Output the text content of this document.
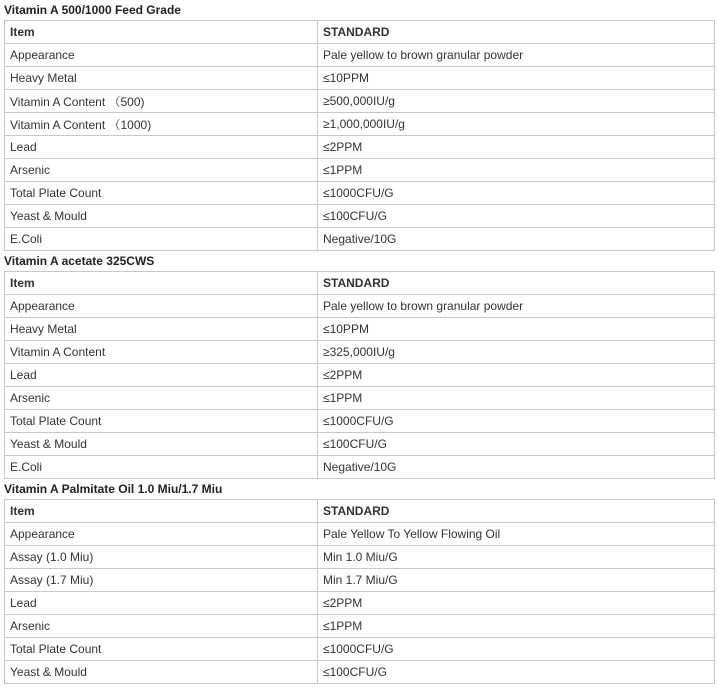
Vitamin A 500/1000 Feed Grade
Item	STANDARD
Appearance	Pale yellow to brown granular powder
Heavy Metal	≤10PPM
Vitamin A Content （500)	≥500,000IU/g
Vitamin A Content （1000)	≥1,000,000IU/g
Lead	≤2PPM
Arsenic	≤1PPM
Total Plate Count	≤1000CFU/G
Yeast & Mould	≤100CFU/G
E.Coli	Negative/10G
Vitamin A acetate 325CWS
Item	STANDARD
Appearance	Pale yellow to brown granular powder
Heavy Metal	≤10PPM
Vitamin A Content	≥325,000IU/g
Lead	≤2PPM
Arsenic	≤1PPM
Total Plate Count	≤1000CFU/G
Yeast & Mould	≤100CFU/G
E.Coli	Negative/10G
Vitamin A Palmitate Oil 1.0 Miu/1.7 Miu
Item	STANDARD
Appearance	Pale Yellow To Yellow Flowing Oil
Assay (1.0 Miu)	Min 1.0 Miu/G
Assay (1.7 Miu)	Min 1.7 Miu/G
Lead	≤2PPM
Arsenic	≤1PPM
Total Plate Count	≤1000CFU/G
Yeast & Mould	≤100CFU/G
